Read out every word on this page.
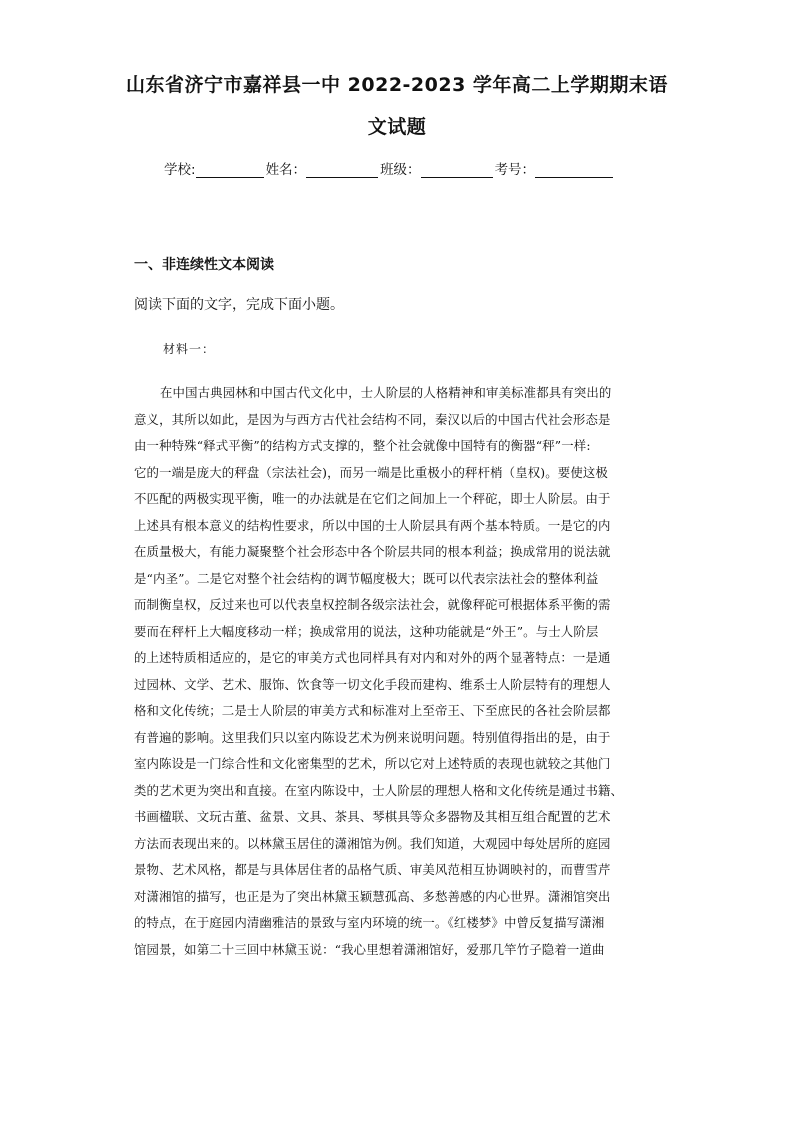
山东省济宁市嘉祥县一中 2022-2023 学年高二上学期期末语
文试题
学校:	姓名：	班级：	考号：
一、非连续性文本阅读
阅读下面的文字，完成下面小题。
材料一：
在中国古典园林和中国古代文化中，士人阶层的人格精神和审美标准都具有突出的
意义，其所以如此，是因为与西方古代社会结构不同，秦汉以后的中国古代社会形态是
由一种特殊“释式平衡”的结构方式支撑的，整个社会就像中国特有的衡器“秤”一样:
它的一端是庞大的秤盘（宗法社会)，而另一端是比重极小的秤杆梢（皇权)。要使这极
不匹配的两极实现平衡，唯一的办法就是在它们之间加上一个秤砣，即士人阶层。由于
上述具有根本意义的结构性要求，所以中国的士人阶层具有两个基本特质。一是它的内
在质量极大，有能力凝聚整个社会形态中各个阶层共同的根本利益；换成常用的说法就
是“内圣”。二是它对整个社会结构的调节幅度极大；既可以代表宗法社会的整体利益
而制衡皇权，反过来也可以代表皇权控制各级宗法社会，就像秤砣可根据体系平衡的需
要而在秤杆上大幅度移动一样；换成常用的说法，这种功能就是“外王”。与士人阶层
的上述特质相适应的，是它的审美方式也同样具有对内和对外的两个显著特点：一是通
过园林、文学、艺术、服饰、饮食等一切文化手段而建构、维系士人阶层特有的理想人
格和文化传统；二是士人阶层的审美方式和标准对上至帝王、下至庶民的各社会阶层都
有普遍的影响。这里我们只以室内陈设艺术为例来说明问题。特别值得指出的是，由于
室内陈设是一门综合性和文化密集型的艺术，所以它对上述特质的表现也就较之其他门
类的艺术更为突出和直接。在室内陈设中，士人阶层的理想人格和文化传统是通过书籍、
书画楹联、文玩古董、盆景、文具、茶具、琴棋具等众多器物及其相互组合配置的艺术
方法而表现出来的。以林黛玉居住的潇湘馆为例。我们知道，大观园中每处居所的庭园
景物、艺术风格，都是与具体居住者的品格气质、审美风范相互协调映衬的，而曹雪芹
对潇湘馆的描写，也正是为了突出林黛玉颖慧孤高、多愁善感的内心世界。潇湘馆突出
的特点，在于庭园内清幽雅洁的景致与室内环境的统一。《红楼梦》中曾反复描写潇湘
馆园景，如第二十三回中林黛玉说：“我心里想着潇湘馆好，爱那几竿竹子隐着一道曲
